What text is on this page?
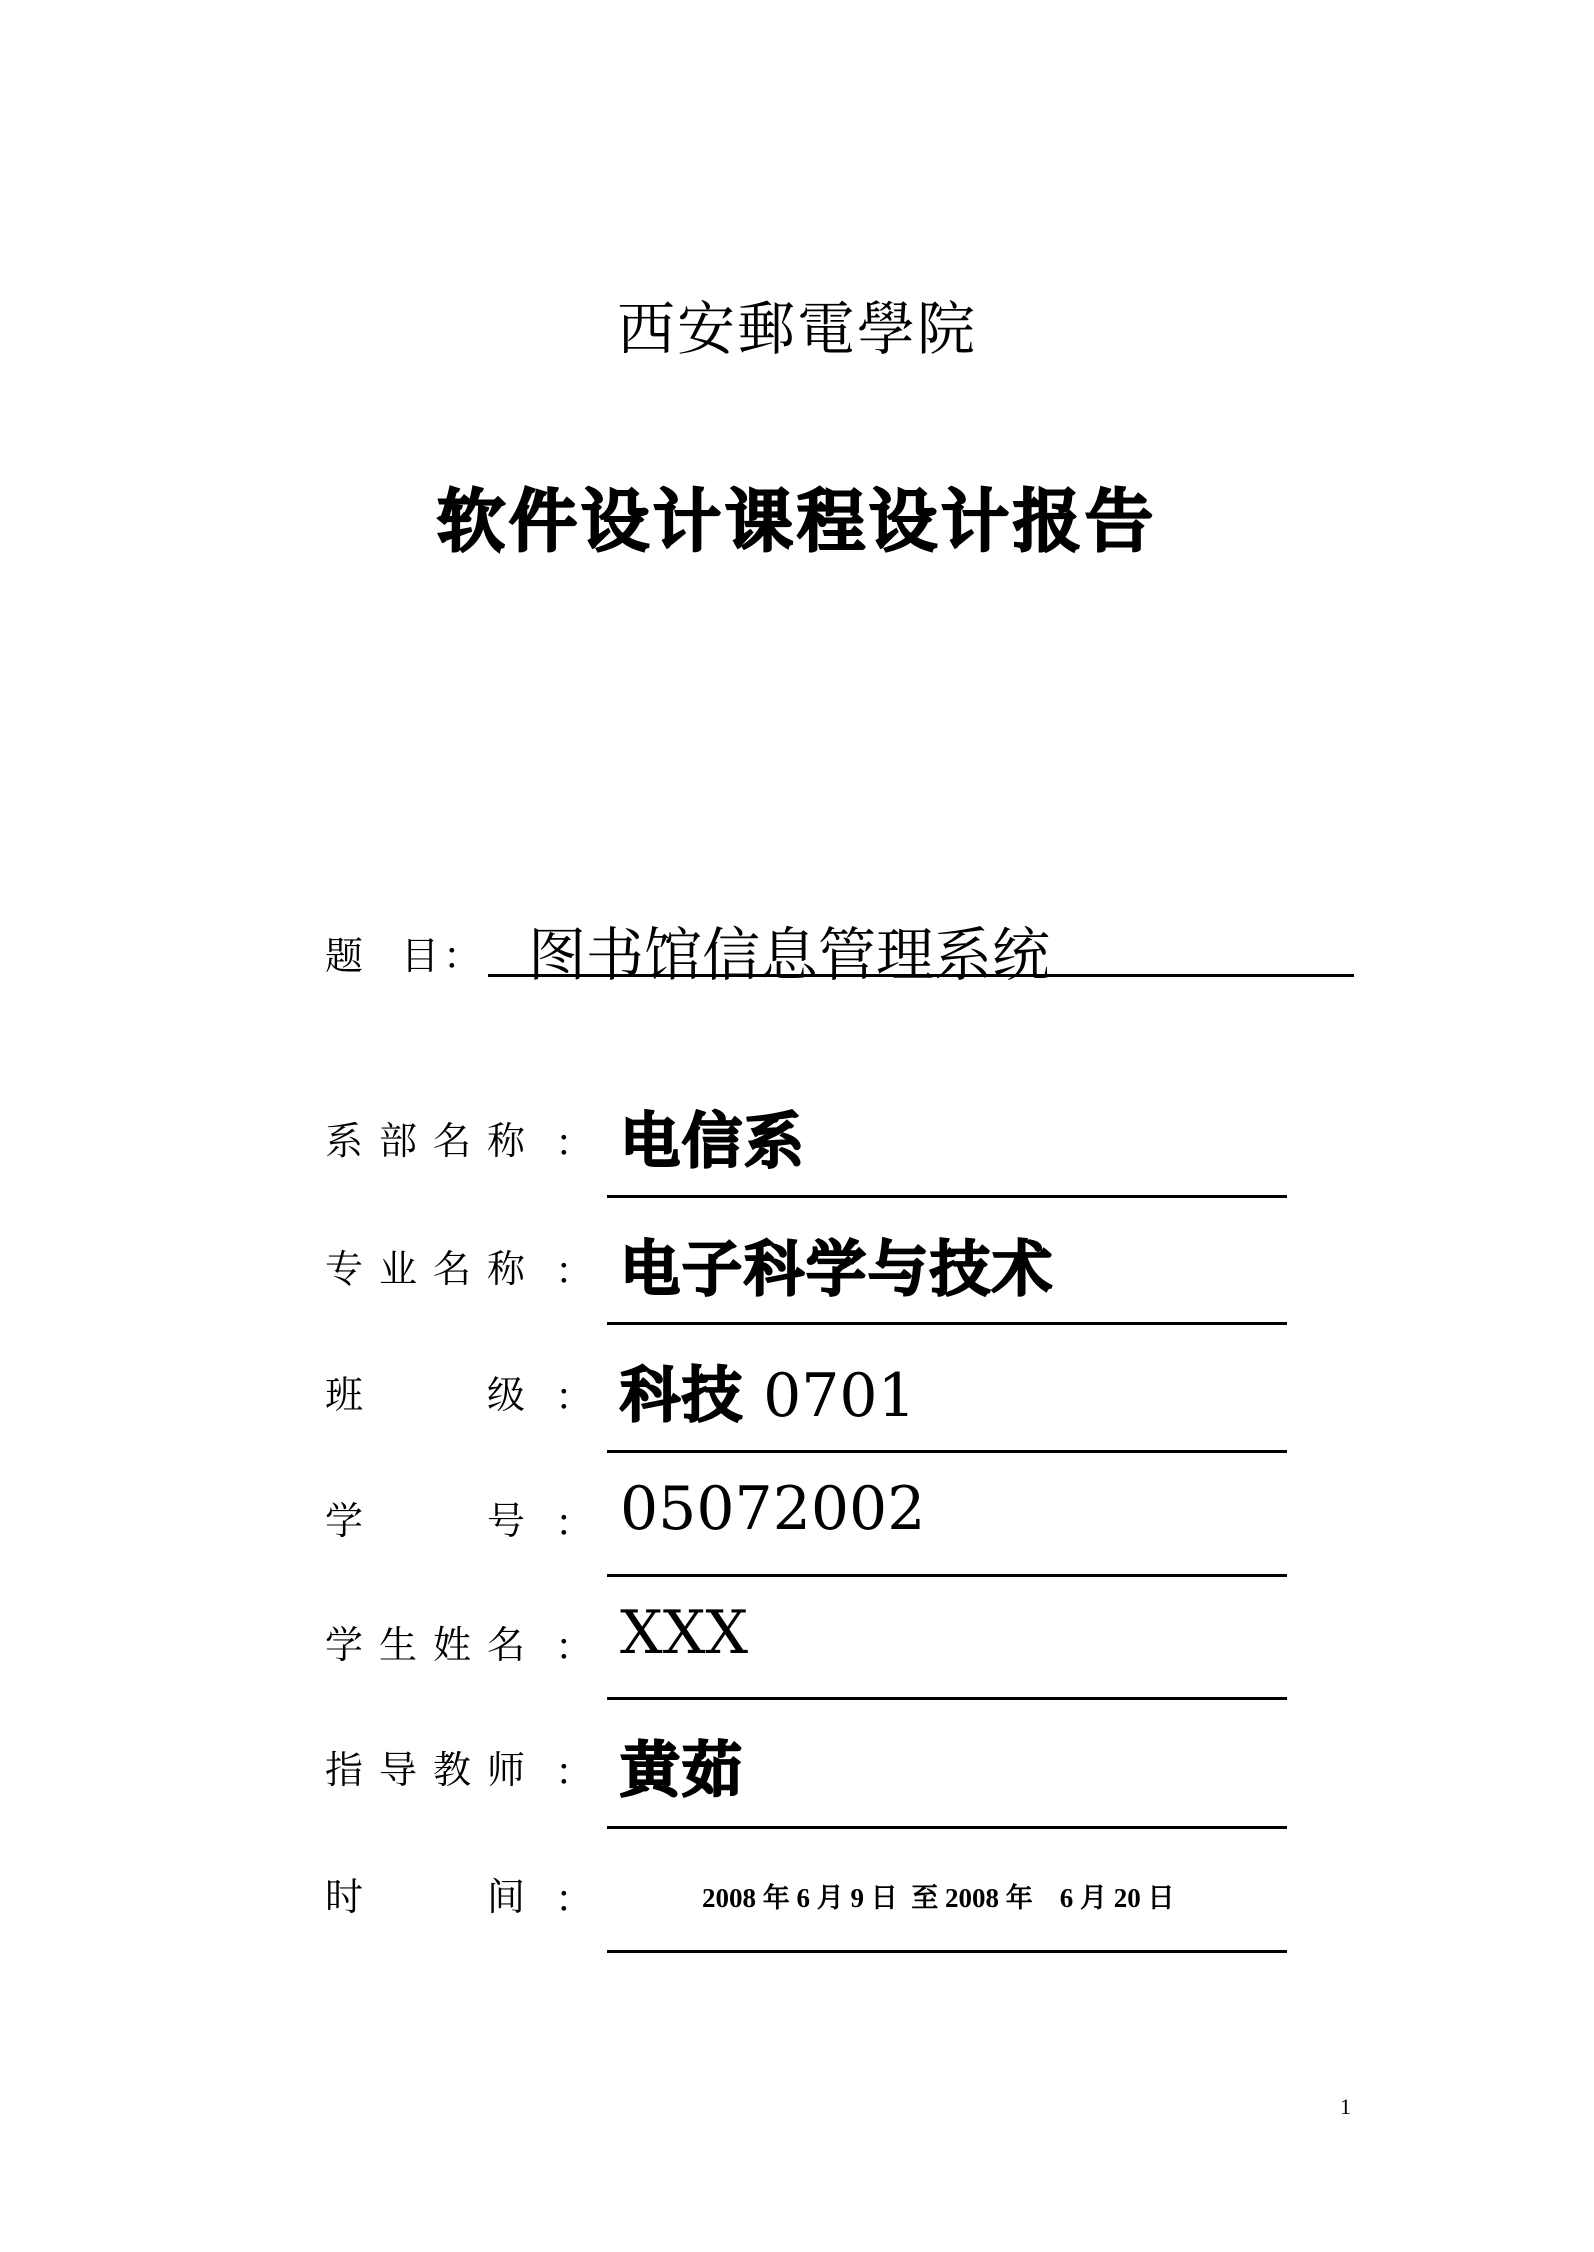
西安郵電學院
软件设计课程设计报告
题 目： 图书馆信息管理系统
系 部 名 称 ： 电信系
专 业 名 称 ： 电子科学与技术
班	级 ： 科技 0701
学	号 ： 05072002
学 生 姓 名 ： XXX
指 导 教 师 ： 黄茹
时	间 ：	2008 年 6 月 9 日  至 2008 年    6 月 20 日
1
